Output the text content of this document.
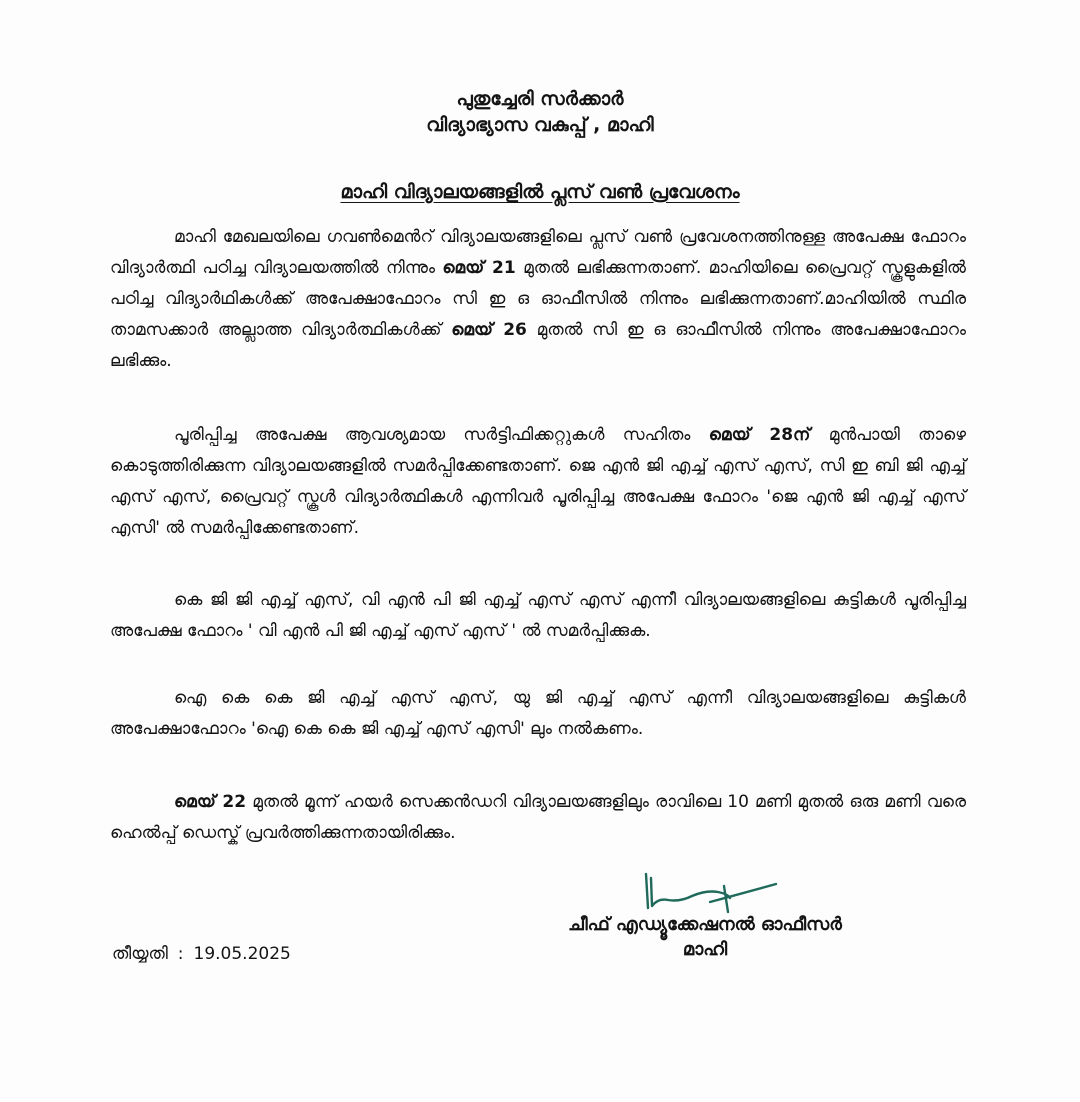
പുതുച്ചേരി സർക്കാർ
വിദ്യാഭ്യാസ വകുപ്പ് , മാഹി
മാഹി വിദ്യാലയങ്ങളിൽ പ്ലസ് വൺ പ്രവേശനം

മാഹി മേഖലയിലെ ഗവൺമെൻറ് വിദ്യാലയങ്ങളിലെ പ്ലസ് വൺ പ്രവേശനത്തിനുള്ള അപേക്ഷ ഫോറം വിദ്യാർത്ഥി പഠിച്ച വിദ്യാലയത്തിൽ നിന്നും മെയ് 21 മുതൽ ലഭിക്കുന്നതാണ്. മാഹിയിലെ പ്രൈവറ്റ് സ്കൂളുകളിൽ പഠിച്ച വിദ്യാർഥികൾക്ക് അപേക്ഷാഫോറം സി ഇ ഒ ഓഫീസിൽ നിന്നും ലഭിക്കുന്നതാണ്.മാഹിയിൽ സ്ഥിര താമസക്കാർ അല്ലാത്ത വിദ്യാർത്ഥികൾക്ക് മെയ് 26 മുതൽ സി ഇ ഒ ഓഫീസിൽ നിന്നും അപേക്ഷാഫോറം ലഭിക്കും.

പൂരിപ്പിച്ച അപേക്ഷ ആവശ്യമായ സർട്ടിഫിക്കറ്റുകൾ സഹിതം മെയ് 28ന് മുൻപായി താഴെ കൊടുത്തിരിക്കുന്ന വിദ്യാലയങ്ങളിൽ സമർപ്പിക്കേണ്ടതാണ്. ജെ എൻ ജി എച്ച് എസ് എസ്, സി ഇ ബി ജി എച്ച് എസ് എസ്, പ്രൈവറ്റ് സ്കൂൾ വിദ്യാർത്ഥികൾ എന്നിവർ പൂരിപ്പിച്ച അപേക്ഷ ഫോറം 'ജെ എൻ ജി എച്ച് എസ് എസി' ൽ സമർപ്പിക്കേണ്ടതാണ്.

കെ ജി ജി എച്ച് എസ്, വി എൻ പി ജി എച്ച് എസ് എസ് എന്നീ വിദ്യാലയങ്ങളിലെ കുട്ടികൾ പൂരിപ്പിച്ച അപേക്ഷ ഫോറം ' വി എൻ പി ജി എച്ച് എസ് എസ് ' ൽ സമർപ്പിക്കുക.

ഐ കെ കെ ജി എച്ച് എസ് എസ്, യു ജി എച്ച് എസ് എന്നീ വിദ്യാലയങ്ങളിലെ കുട്ടികൾ അപേക്ഷാഫോറം 'ഐ കെ കെ ജി എച്ച് എസ് എസി' ലും നൽകണം.

മെയ് 22 മുതൽ മൂന്ന് ഹയർ സെക്കൻഡറി വിദ്യാലയങ്ങളിലും രാവിലെ 10 മണി മുതൽ ഒരു മണി വരെ ഹെൽപ്പ് ഡെസ്ക് പ്രവർത്തിക്കുന്നതായിരിക്കും.

ചീഫ് എഡ്യൂക്കേഷനൽ ഓഫീസർ
മാഹി
തീയ്യതി : 19.05.2025
